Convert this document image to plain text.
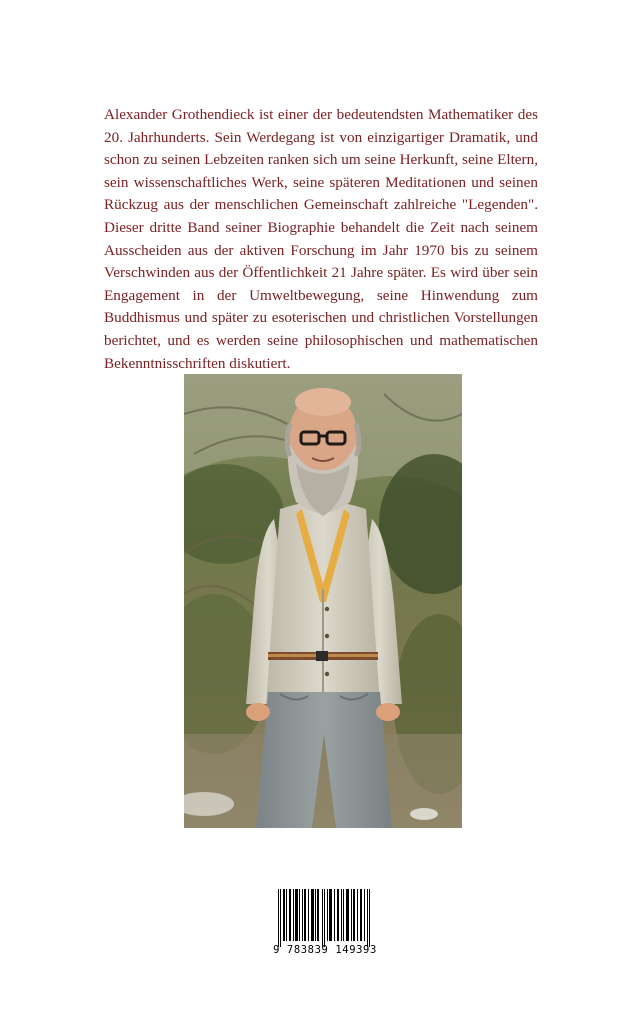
Alexander Grothendieck ist einer der bedeutendsten Mathematiker des 20. Jahrhunderts. Sein Werdegang ist von einzigartiger Dramatik, und schon zu seinen Lebzeiten ranken sich um seine Herkunft, seine Eltern, sein wissenschaftliches Werk, seine späteren Meditationen und seinen Rückzug aus der menschlichen Gemeinschaft zahlreiche "Legenden". Dieser dritte Band seiner Biographie behandelt die Zeit nach seinem Ausscheiden aus der aktiven Forschung im Jahr 1970 bis zu seinem Verschwinden aus der Öffentlichkeit 21 Jahre später. Es wird über sein Engagement in der Umweltbewegung, seine Hinwendung zum Buddhismus und später zu esoterischen und christlichen Vorstellungen berichtet, und es werden seine philosophischen und mathematischen Bekenntnisschriften diskutiert.

9 783839 149393
